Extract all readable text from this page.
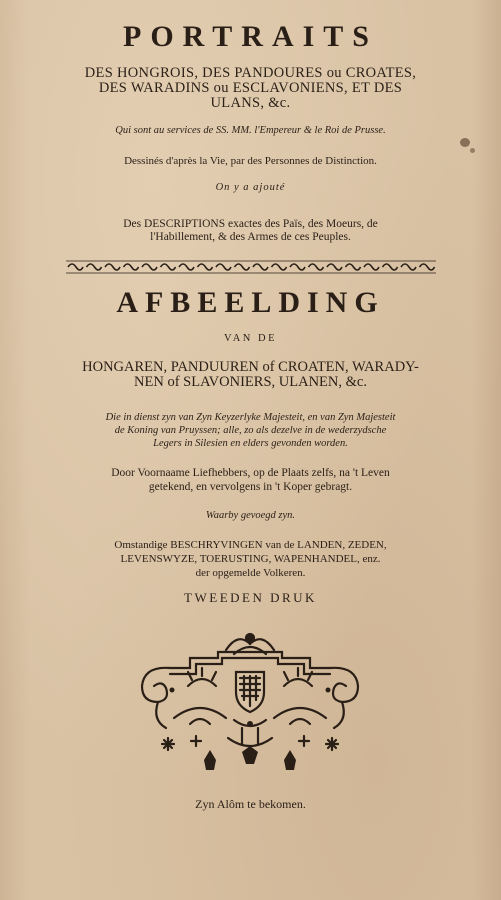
PORTRAITS
DES HONGROIS, DES PANDOURES ou CROATES,
DES WARADINS ou ESCLAVONIENS, ET DES
ULANS, &c.
Qui sont au services de SS. MM. l'Empereur & le Roi de Prusse.
Dessinés d'après la Vie, par des Personnes de Distinction.
On y a ajouté
Des DESCRIPTIONS exactes des Païs, des Moeurs, de
l'Habillement, & des Armes de ces Peuples.
AFBEELDING
VAN DE
HONGAREN, PANDUUREN of CROATEN, WARADY-
NEN of SLAVONIERS, ULANEN, &c.
Die in dienst zyn van Zyn Keyzerlyke Majesteit, en van Zyn Majesteit
de Koning van Pruyssen; alle, zo als dezelve in de wederzydsche
Legers in Silesien en elders gevonden worden.
Door Voornaame Liefhebbers, op de Plaats zelfs, na 't Leven
getekend, en vervolgens in 't Koper gebragt.
Waarby gevoegd zyn.
Omstandige BESCHRYVINGEN van de LANDEN, ZEDEN,
LEVENSWYZE, TOERUSTING, WAPENHANDEL, enz.
der opgemelde Volkeren.
TWEEDEN DRUK
Zyn Alôm te bekomen.
